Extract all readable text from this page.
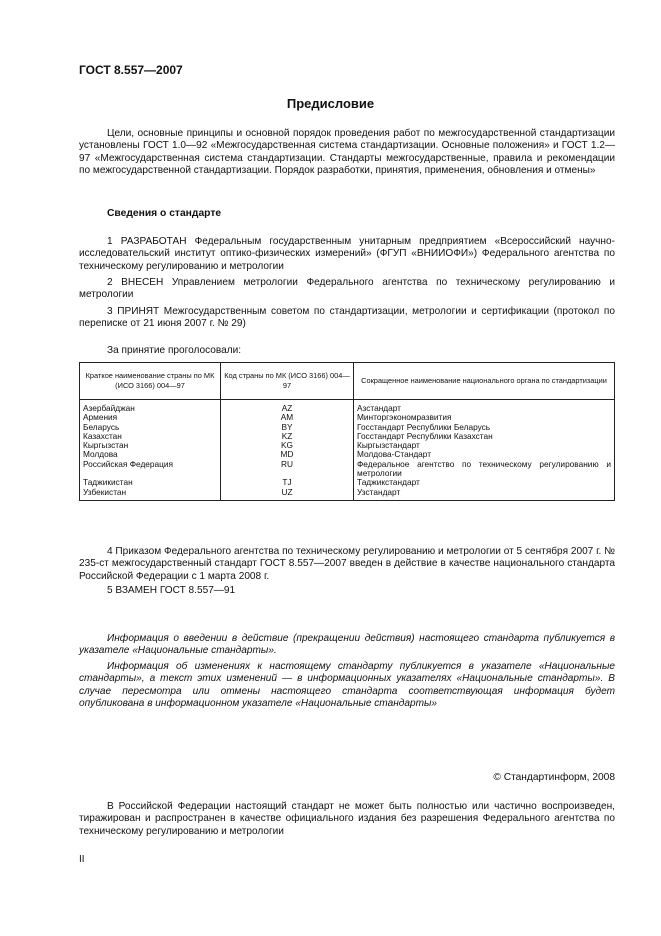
ГОСТ 8.557—2007
Предисловие

Цели, основные принципы и основной порядок проведения работ по межгосударственной стандартизации установлены ГОСТ 1.0—92 «Межгосударственная система стандартизации. Основные положения» и ГОСТ 1.2—97 «Межгосударственная система стандартизации. Стандарты межгосударственные, правила и рекомендации по межгосударственной стандартизации. Порядок разработки, принятия, применения, обновления и отмены»

Сведения о стандарте

1 РАЗРАБОТАН Федеральным государственным унитарным предприятием «Всероссийский научно-исследовательский институт оптико-физических измерений» (ФГУП «ВНИИОФИ») Федерального агентства по техническому регулированию и метрологии

2 ВНЕСЕН Управлением метрологии Федерального агентства по техническому регулированию и метрологии

3 ПРИНЯТ Межгосударственным советом по стандартизации, метрологии и сертификации (протокол по переписке от 21 июня 2007 г. № 29)

За принятие проголосовали:

Краткое наименование страны по МК (ИСО 3166) 004—97	Код страны по МК (ИСО 3166) 004—97	Сокращенное наименование национального органа по стандартизации
Азербайджан	AZ	Азстандарт
Армения	AM	Минторгэкономразвития
Беларусь	BY	Госстандарт Республики Беларусь
Казахстан	KZ	Госстандарт Республики Казахстан
Кыргызстан	KG	Кыргызстандарт
Молдова	MD	Молдова-Стандарт
Российская Федерация	RU	Федеральное агентство по техническому регулированию и метрологии
Таджикистан	TJ	Таджикстандарт
Узбекистан	UZ	Узстандарт

4 Приказом Федерального агентства по техническому регулированию и метрологии от 5 сентября 2007 г. № 235-ст межгосударственный стандарт ГОСТ 8.557—2007 введен в действие в качестве национального стандарта Российской Федерации с 1 марта 2008 г.

5 ВЗАМЕН ГОСТ 8.557—91

Информация о введении в действие (прекращении действия) настоящего стандарта публикуется в указателе «Национальные стандарты».

Информация об изменениях к настоящему стандарту публикуется в указателе «Национальные стандарты», а текст этих изменений — в информационных указателях «Национальные стандарты». В случае пересмотра или отмены настоящего стандарта соответствующая информация будет опубликована в информационном указателе «Национальные стандарты»

© Стандартинформ, 2008

В Российской Федерации настоящий стандарт не может быть полностью или частично воспроизведен, тиражирован и распространен в качестве официального издания без разрешения Федерального агентства по техническому регулированию и метрологии

II
